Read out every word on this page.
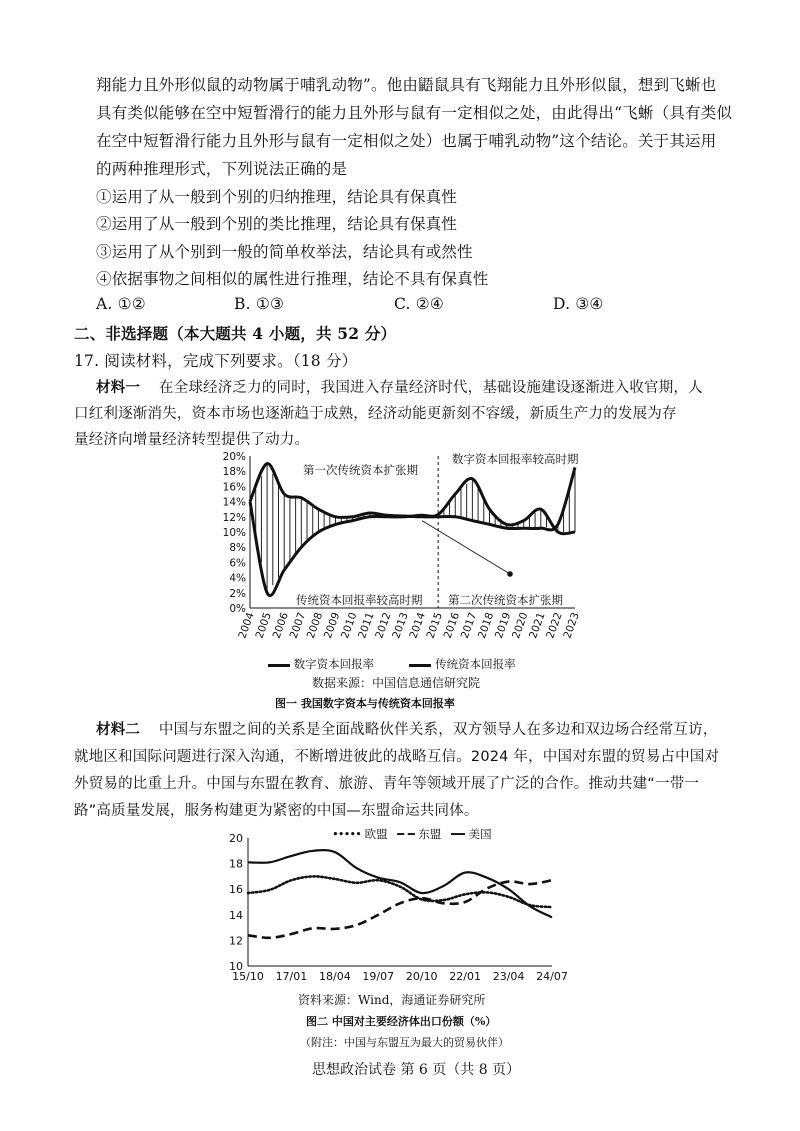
翔能力且外形似鼠的动物属于哺乳动物”。他由鼯鼠具有飞翔能力且外形似鼠，想到飞蜥也
具有类似能够在空中短暂滑行的能力且外形与鼠有一定相似之处，由此得出“飞蜥（具有类似
在空中短暂滑行能力且外形与鼠有一定相似之处）也属于哺乳动物”这个结论。关于其运用
的两种推理形式，下列说法正确的是
①运用了从一般到个别的归纳推理，结论具有保真性
②运用了从一般到个别的类比推理，结论具有保真性
③运用了从个别到一般的简单枚举法，结论具有或然性
④依据事物之间相似的属性进行推理，结论不具有保真性
A. ①②	B. ①③	C. ②④	D. ③④
二、非选择题（本大题共 4 小题，共 52 分）
17. 阅读材料，完成下列要求。（18 分）
材料一 在全球经济乏力的同时，我国进入存量经济时代，基础设施建设逐渐进入收官期，人
口红利逐渐消失，资本市场也逐渐趋于成熟，经济动能更新刻不容缓，新质生产力的发展为存
量经济向增量经济转型提供了动力。
0%
2%
4%
6%
8%
10%
12%
14%
16%
18%
20%
2004
2005
2006
2007
2008
2009
2010
2011
2012
2013
2014
2015
2016
2017
2018
2019
2020
2021
2022
2023
第一次传统资本扩张期
数字资本回报率较高时期
传统资本回报率较高时期 第二次传统资本扩张期
数字资本回报率	传统资本回报率
数据来源：中国信息通信研究院
图一 我国数字资本与传统资本回报率
材料二 中国与东盟之间的关系是全面战略伙伴关系，双方领导人在多边和双边场合经常互访，
就地区和国际问题进行深入沟通，不断增进彼此的战略互信。2024 年，中国对东盟的贸易占中国对
外贸易的比重上升。中国与东盟在教育、旅游、青年等领域开展了广泛的合作。推动共建“一带一
路”高质量发展，服务构建更为紧密的中国—东盟命运共同体。
••••• 欧盟 ━ ━ 东盟 ━━ 美国
10
12
14
16
18
20
15/10 17/01 18/04 19/07 20/10 22/01 23/04 24/07
资料来源：Wind，海通证券研究所
图二 中国对主要经济体出口份额（%）
（附注：中国与东盟互为最大的贸易伙伴）
思想政治试卷 第 6 页（共 8 页）
